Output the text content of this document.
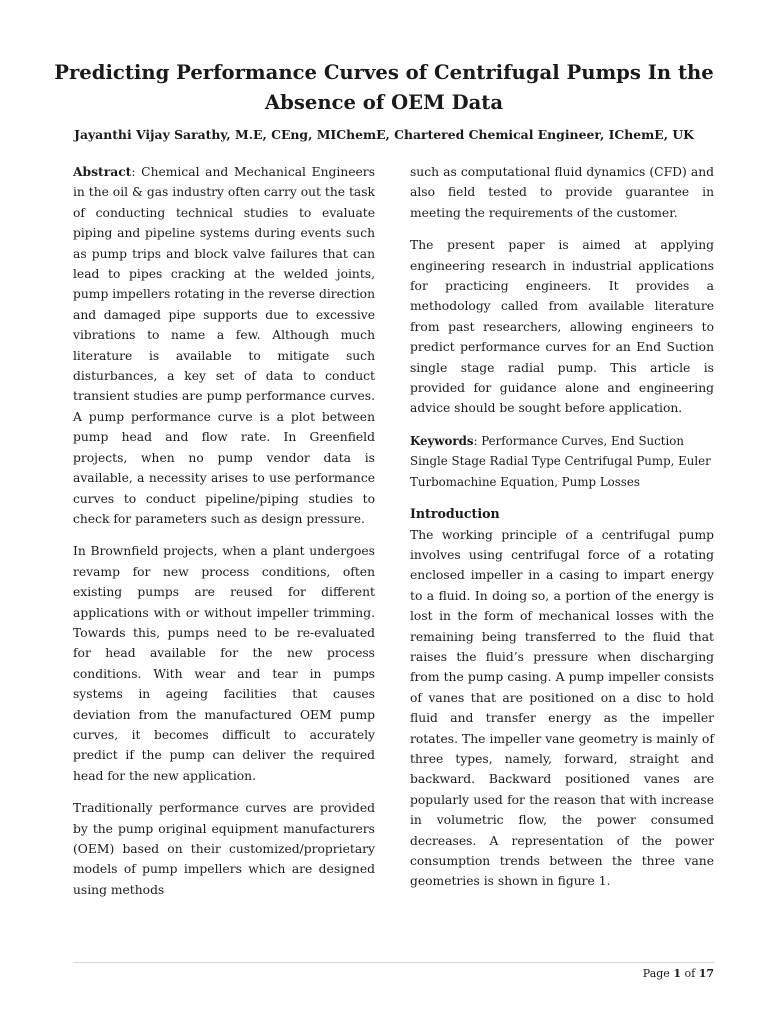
Predicting Performance Curves of Centrifugal Pumps In the Absence of OEM Data
Jayanthi Vijay Sarathy, M.E, CEng, MIChemE, Chartered Chemical Engineer, IChemE, UK

Abstract: Chemical and Mechanical Engineers in the oil & gas industry often carry out the task of conducting technical studies to evaluate piping and pipeline systems during events such as pump trips and block valve failures that can lead to pipes cracking at the welded joints, pump impellers rotating in the reverse direction and damaged pipe supports due to excessive vibrations to name a few. Although much literature is available to mitigate such disturbances, a key set of data to conduct transient studies are pump performance curves. A pump performance curve is a plot between pump head and flow rate. In Greenfield projects, when no pump vendor data is available, a necessity arises to use performance curves to conduct pipeline/piping studies to check for parameters such as design pressure.

In Brownfield projects, when a plant undergoes revamp for new process conditions, often existing pumps are reused for different applications with or without impeller trimming. Towards this, pumps need to be re-evaluated for head available for the new process conditions. With wear and tear in pumps systems in ageing facilities that causes deviation from the manufactured OEM pump curves, it becomes difficult to accurately predict if the pump can deliver the required head for the new application.

Traditionally performance curves are provided by the pump original equipment manufacturers (OEM) based on their customized/proprietary models of pump impellers which are designed using methods

such as computational fluid dynamics (CFD) and also field tested to provide guarantee in meeting the requirements of the customer.

The present paper is aimed at applying engineering research in industrial applications for practicing engineers. It provides a methodology called from available literature from past researchers, allowing engineers to predict performance curves for an End Suction single stage radial pump. This article is provided for guidance alone and engineering advice should be sought before application.

Keywords: Performance Curves, End Suction Single Stage Radial Type Centrifugal Pump, Euler Turbomachine Equation, Pump Losses

Introduction

The working principle of a centrifugal pump involves using centrifugal force of a rotating enclosed impeller in a casing to impart energy to a fluid. In doing so, a portion of the energy is lost in the form of mechanical losses with the remaining being transferred to the fluid that raises the fluid’s pressure when discharging from the pump casing. A pump impeller consists of vanes that are positioned on a disc to hold fluid and transfer energy as the impeller rotates. The impeller vane geometry is mainly of three types, namely, forward, straight and backward. Backward positioned vanes are popularly used for the reason that with increase in volumetric flow, the power consumed decreases. A representation of the power consumption trends between the three vane geometries is shown in figure 1.

Page 1 of 17
